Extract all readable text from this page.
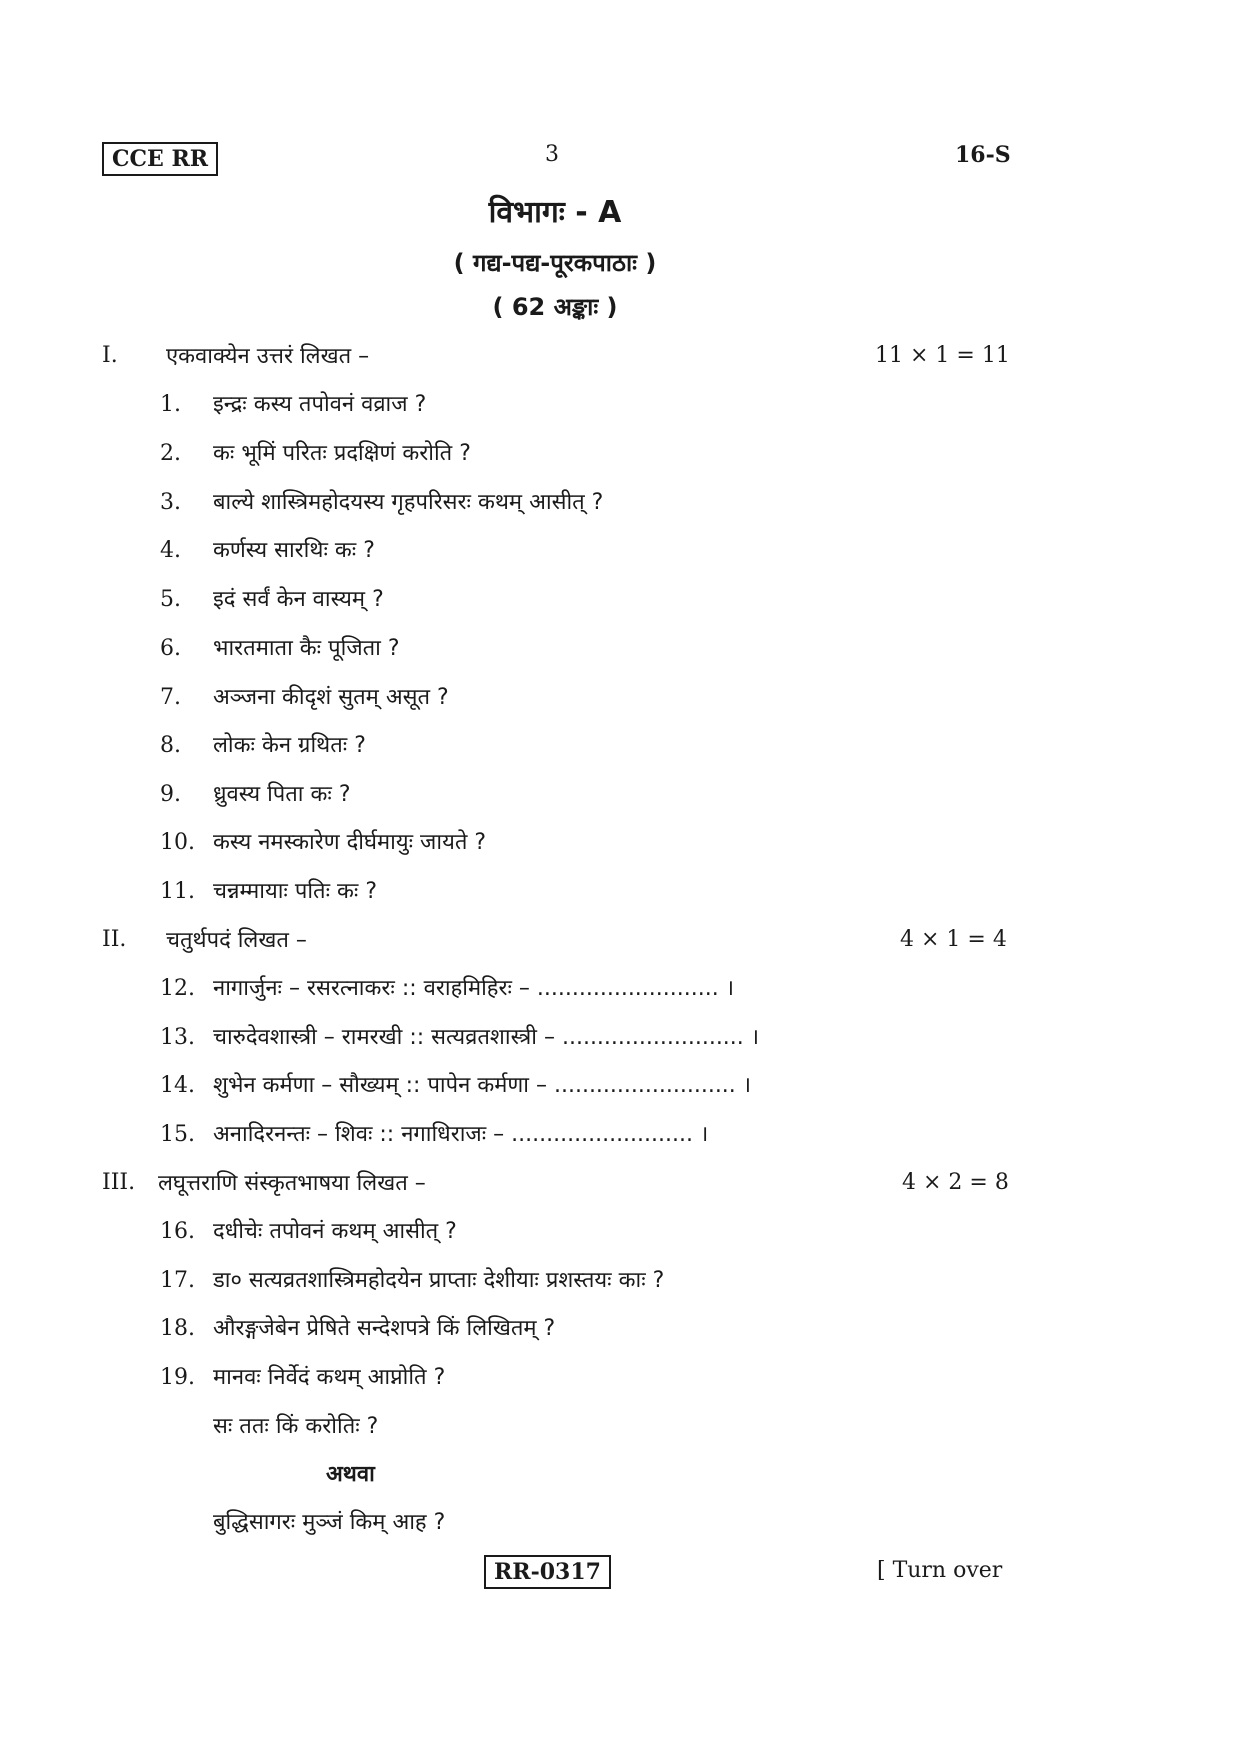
CCE RR	3	16-S
विभागः - A
( गद्य-पद्य-पूरकपाठाः )
( 62 अङ्काः )
I. एकवाक्येन उत्तरं लिखत –	11 × 1 = 11
1. इन्द्रः कस्य तपोवनं वव्राज ?
2. कः भूमिं परितः प्रदक्षिणं करोति ?
3. बाल्ये शास्त्रिमहोदयस्य गृहपरिसरः कथम् आसीत् ?
4. कर्णस्य सारथिः कः ?
5. इदं सर्वं केन वास्यम् ?
6. भारतमाता कैः पूजिता ?
7. अञ्जना कीदृशं सुतम् असूत ?
8. लोकः केन ग्रथितः ?
9. ध्रुवस्य पिता कः ?
10. कस्य नमस्कारेण दीर्घमायुः जायते ?
11. चन्नम्मायाः पतिः कः ?
II. चतुर्थपदं लिखत –	4 × 1 = 4
12. नागार्जुनः – रसरत्नाकरः :: वराहमिहिरः – .......................... ।
13. चारुदेवशास्त्री – रामरखी :: सत्यव्रतशास्त्री – .......................... ।
14. शुभेन कर्मणा – सौख्यम् :: पापेन कर्मणा – .......................... ।
15. अनादिरनन्तः – शिवः :: नगाधिराजः – .......................... ।
III. लघूत्तराणि संस्कृतभाषया लिखत –	4 × 2 = 8
16. दधीचेः तपोवनं कथम् आसीत् ?
17. डा० सत्यव्रतशास्त्रिमहोदयेन प्राप्ताः देशीयाः प्रशस्तयः काः ?
18. औरङ्गजेबेन प्रेषिते सन्देशपत्रे किं लिखितम् ?
19. मानवः निर्वेदं कथम् आप्नोति ?
सः ततः किं करोतिः ?
अथवा
बुद्धिसागरः मुञ्जं किम् आह ?
RR-0317	[ Turn over
